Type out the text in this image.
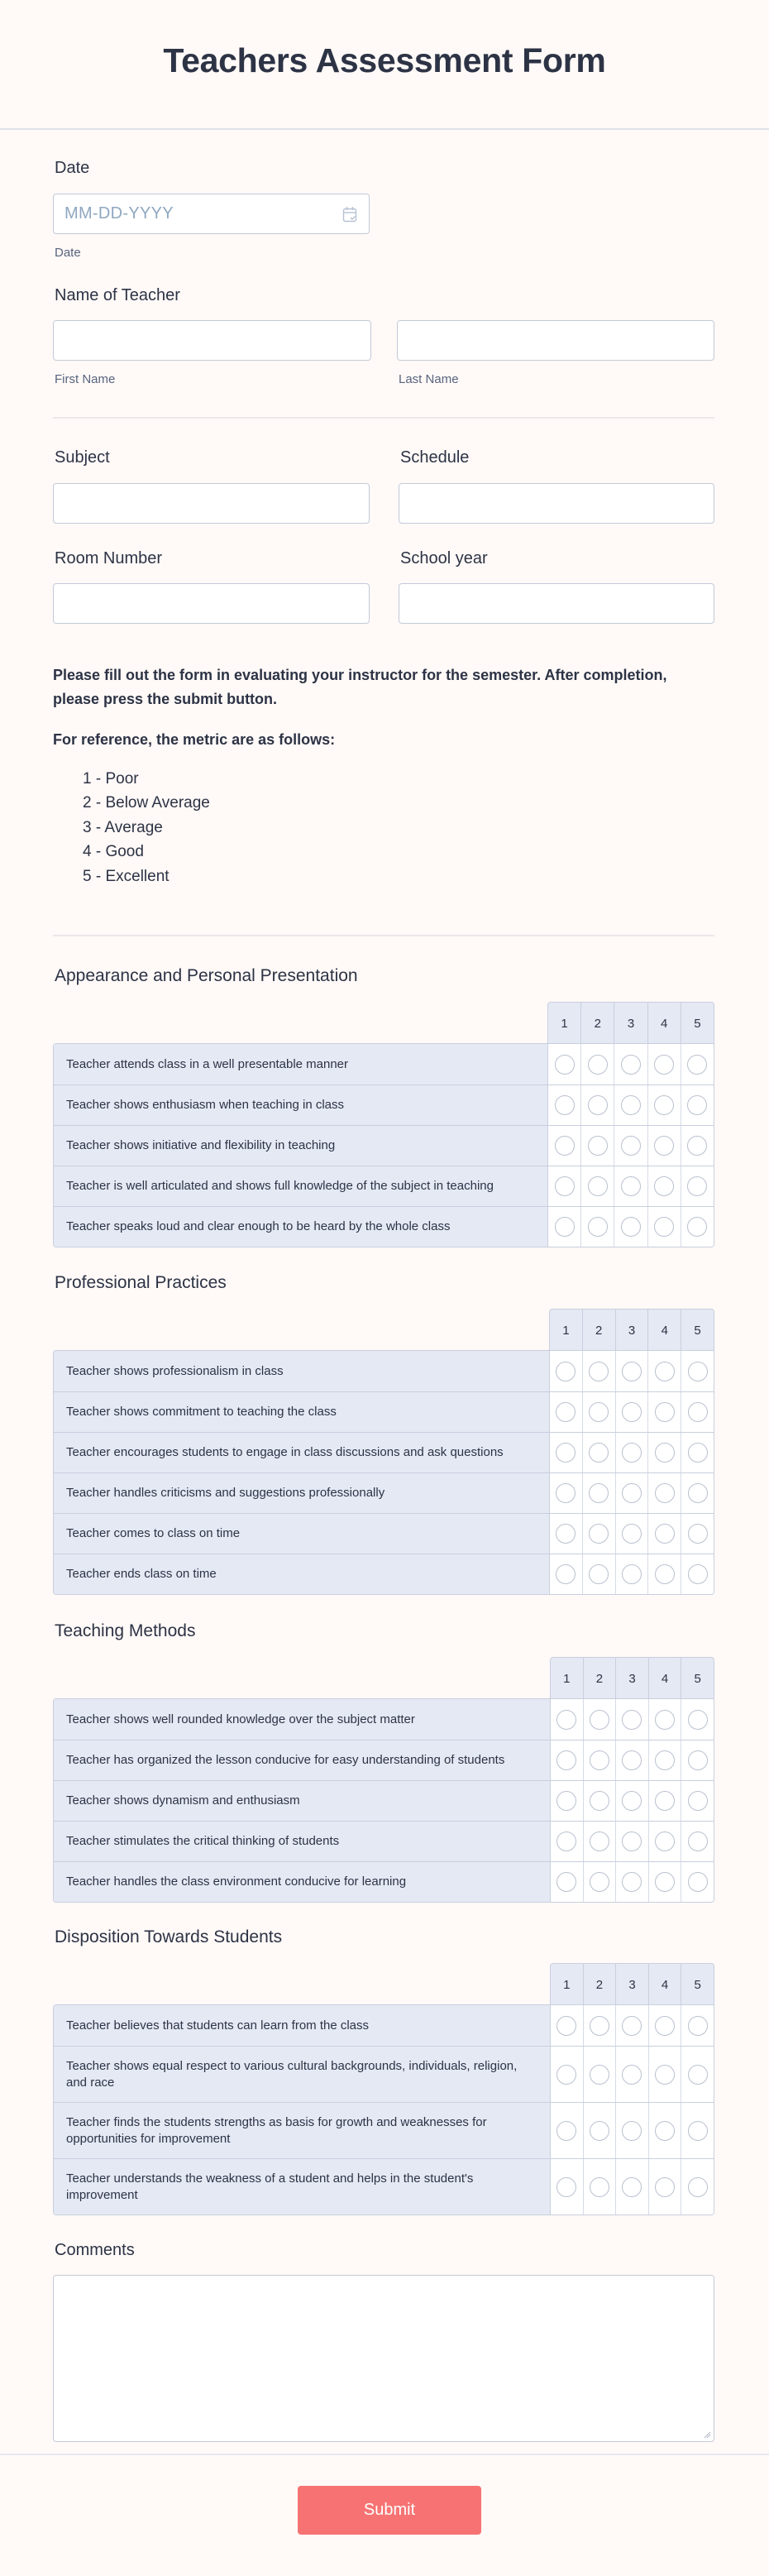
Teachers Assessment Form
Date
MM-DD-YYYY
Date
Name of Teacher
First Name	Last Name
Subject	Schedule
Room Number	School year
Please fill out the form in evaluating your instructor for the semester. After completion,
please press the submit button.
For reference, the metric are as follows:
1 - Poor
2 - Below Average
3 - Average
4 - Good
5 - Excellent
Appearance and Personal Presentation
1	2	3	4	5
Teacher attends class in a well presentable manner
Teacher shows enthusiasm when teaching in class
Teacher shows initiative and flexibility in teaching
Teacher is well articulated and shows full knowledge of the subject in teaching
Teacher speaks loud and clear enough to be heard by the whole class
Professional Practices
1	2	3	4	5
Teacher shows professionalism in class
Teacher shows commitment to teaching the class
Teacher encourages students to engage in class discussions and ask questions
Teacher handles criticisms and suggestions professionally
Teacher comes to class on time
Teacher ends class on time
Teaching Methods
1	2	3	4	5
Teacher shows well rounded knowledge over the subject matter
Teacher has organized the lesson conducive for easy understanding of students
Teacher shows dynamism and enthusiasm
Teacher stimulates the critical thinking of students
Teacher handles the class environment conducive for learning
Disposition Towards Students
1	2	3	4	5
Teacher believes that students can learn from the class
Teacher shows equal respect to various cultural backgrounds, individuals, religion, and race
Teacher finds the students strengths as basis for growth and weaknesses for opportunities for improvement
Teacher understands the weakness of a student and helps in the student's improvement
Comments
Submit
